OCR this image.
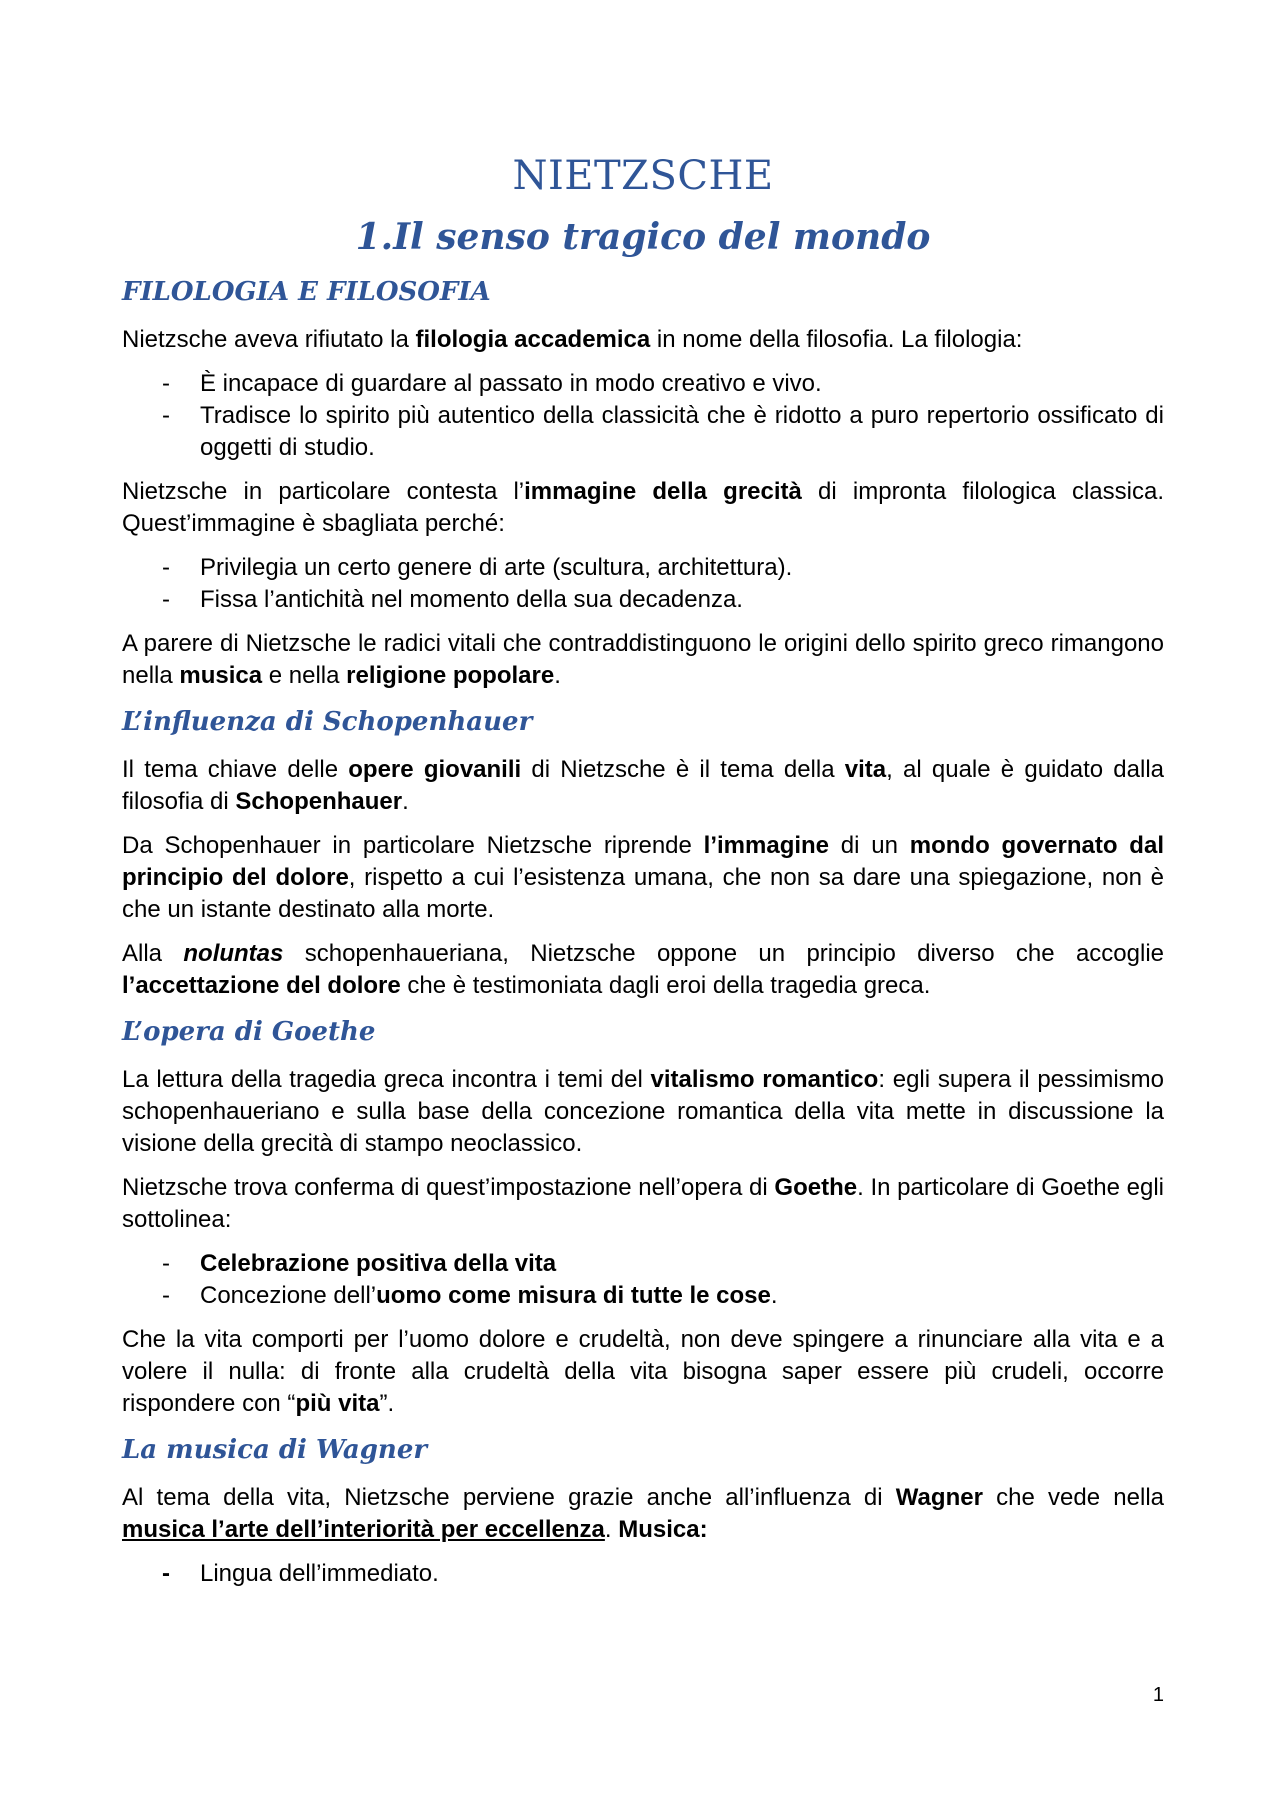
NIETZSCHE
1.Il senso tragico del mondo
FILOLOGIA E FILOSOFIA

Nietzsche aveva rifiutato la filologia accademica in nome della filosofia. La filologia:

- È incapace di guardare al passato in modo creativo e vivo.
- Tradisce lo spirito più autentico della classicità che è ridotto a puro repertorio ossificato di oggetti di studio.

Nietzsche in particolare contesta l’immagine della grecità di impronta filologica classica. Quest’immagine è sbagliata perché:

- Privilegia un certo genere di arte (scultura, architettura).
- Fissa l’antichità nel momento della sua decadenza.

A parere di Nietzsche le radici vitali che contraddistinguono le origini dello spirito greco rimangono nella musica e nella religione popolare.

L’influenza di Schopenhauer

Il tema chiave delle opere giovanili di Nietzsche è il tema della vita, al quale è guidato dalla filosofia di Schopenhauer.

Da Schopenhauer in particolare Nietzsche riprende l’immagine di un mondo governato dal principio del dolore, rispetto a cui l’esistenza umana, che non sa dare una spiegazione, non è che un istante destinato alla morte.

Alla noluntas schopenhaueriana, Nietzsche oppone un principio diverso che accoglie l’accettazione del dolore che è testimoniata dagli eroi della tragedia greca.

L’opera di Goethe

La lettura della tragedia greca incontra i temi del vitalismo romantico: egli supera il pessimismo schopenhaueriano e sulla base della concezione romantica della vita mette in discussione la visione della grecità di stampo neoclassico.

Nietzsche trova conferma di quest’impostazione nell’opera di Goethe. In particolare di Goethe egli sottolinea:

- Celebrazione positiva della vita
- Concezione dell’uomo come misura di tutte le cose.

Che la vita comporti per l’uomo dolore e crudeltà, non deve spingere a rinunciare alla vita e a volere il nulla: di fronte alla crudeltà della vita bisogna saper essere più crudeli, occorre rispondere con “più vita”.

La musica di Wagner

Al tema della vita, Nietzsche perviene grazie anche all’influenza di Wagner che vede nella musica l’arte dell’interiorità per eccellenza. Musica:

- Lingua dell’immediato.
1
